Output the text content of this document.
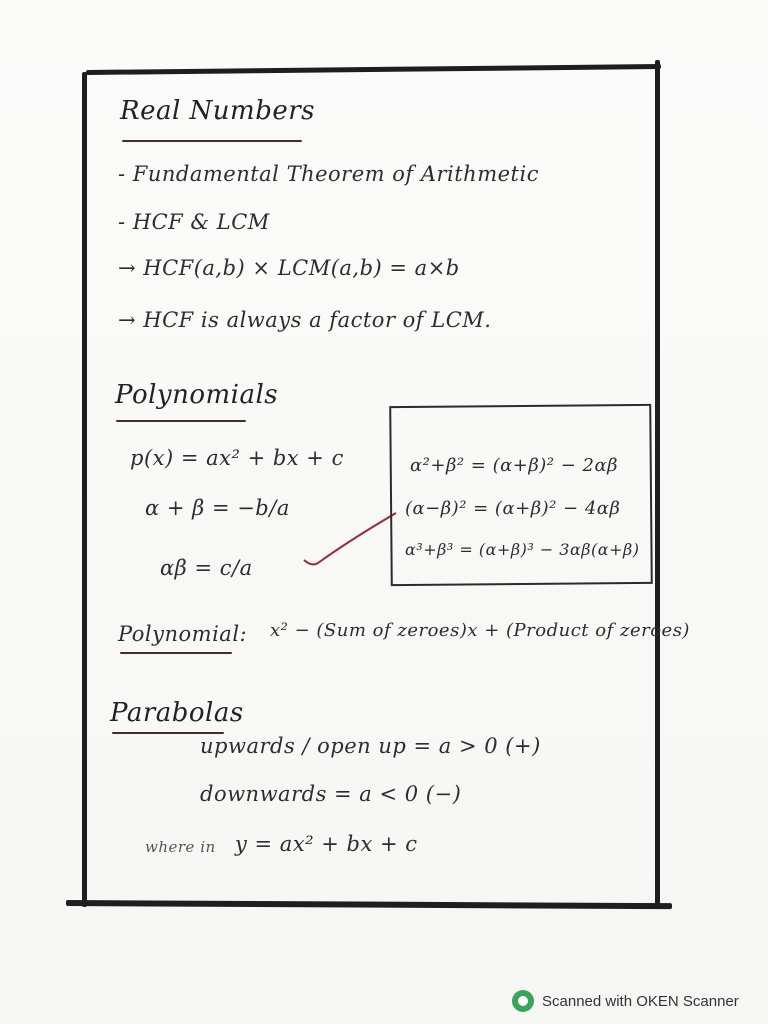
Real Numbers
- Fundamental Theorem of Arithmetic
- HCF & LCM
→ HCF(a,b) × LCM(a,b) = a×b
→ HCF is always a factor of LCM.
Polynomials
p(x) = ax² + bx + c
α + β = −b/a
αβ = c/a
α²+β² = (α+β)² − 2αβ
(α−β)² = (α+β)² − 4αβ
α³+β³ = (α+β)³ − 3αβ(α+β)
Polynomial: x² − (Sum of zeroes)x + (Product of zeroes)
Parabolas
upwards / open up = a > 0 (+)
downwards = a < 0 (−)
where in y = ax² + bx + c
Scanned with OKEN Scanner
